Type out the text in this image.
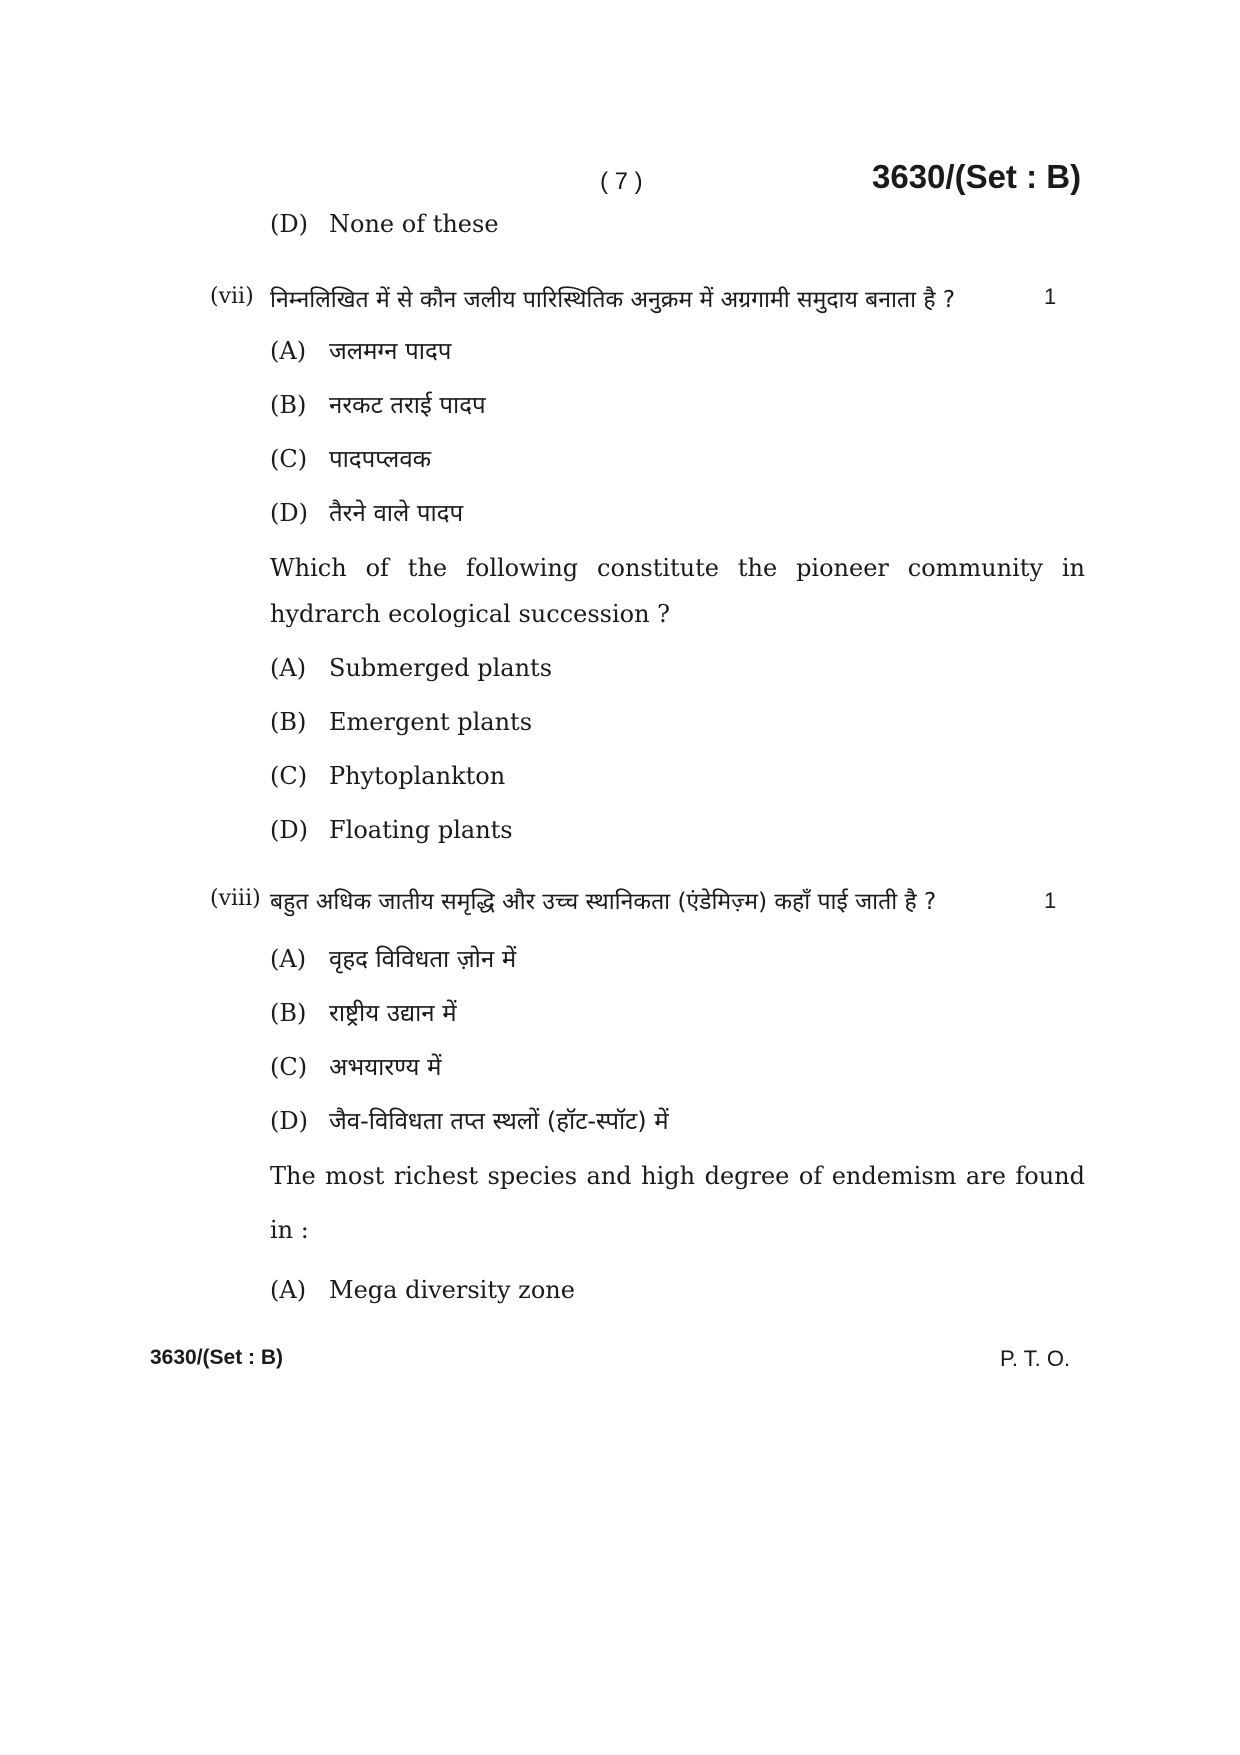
( 7 )	3630/(Set : B)
(D) None of these
(vii) निम्नलिखित में से कौन जलीय पारिस्थितिक अनुक्रम में अग्रगामी समुदाय बनाता है ?	1
(A) जलमग्न पादप
(B) नरकट तराई पादप
(C) पादपप्लवक
(D) तैरने वाले पादप
Which of the following constitute the pioneer community in
hydrarch ecological succession ?
(A) Submerged plants
(B) Emergent plants
(C) Phytoplankton
(D) Floating plants
(viii) बहुत अधिक जातीय समृद्धि और उच्च स्थानिकता (एंडेमिज़्म) कहाँ पाई जाती है ?	1
(A) वृहद विविधता ज़ोन में
(B) राष्ट्रीय उद्यान में
(C) अभयारण्य में
(D) जैव-विविधता तप्त स्थलों (हॉट-स्पॉट) में
The most richest species and high degree of endemism are found
in :
(A) Mega diversity zone
3630/(Set : B)	P. T. O.
